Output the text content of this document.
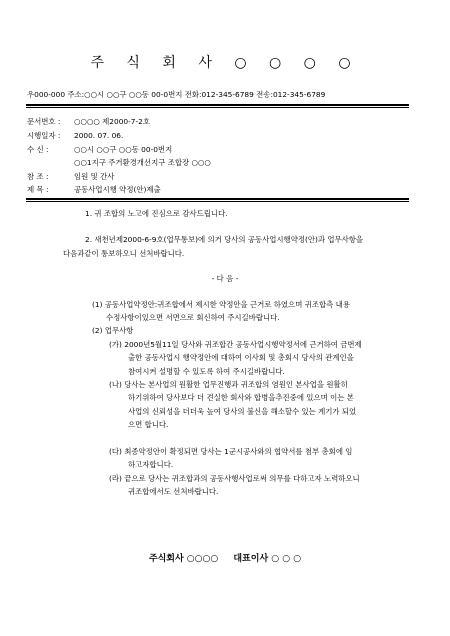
주 식 회 사 ○ ○ ○ ○
우000-000 주소:○○시 ○○구 ○○동 00-0번지 전화:012-345-6789 전송:012-345-6789
문서번호 : ○○○○ 제2000-7-2호
시행일자 : 2000. 07. 06.
수 신 :	○○시 ○○구 ○○동 00-0번지
○○1지구 주거환경개선지구 조합장 ○○○
참 조 :	임원 및 간사
제 목 :	공동사업시행 약정(안)제출
1. 귀 조합의 노고에 진심으로 감사드립니다.
2. 새천년제2000-6-9호(업무통보)에 의거 당사의 공동사업시행약정(안)과 업무사항을
다음과같이 통보하오니 선처바랍니다.
- 다 음 -
(1) 공동사업약정안:귀조합에서 제시한 약정안을 근거로 하였으며 귀조합측 내용
수정사항이있으면 서면으로 회신하여 주시길바랍니다.
(2) 업무사항
(가) 2000년5월11일 당사와 귀조합간 공동사업시행약정서에 근거하여 금번제
출한 공동사업시 행약정안에 대하여 이사회 및 총회시 당사의 관계인을
참여시켜 설명할 수 있도록 하여 주시길바랍니다.
(나) 당사는 본사업의 원활한 업무진행과 귀조합의 염원인 본사업을 원활히
하기위하여 당사보다 더 견실한 회사와 합병을추진중에 있으며 이는 본
사업의 신뢰성을 더더욱 높여 당사의 불신을 해소할수 있는 계기가 되었
으면 합니다.
(다) 최종약정안이 확정되면 당사는 1군시공사와의 협약서를 첨부 총회에 임
하고자합니다.
(라) 끝으로 당사는 귀조합과의 공동사행사업로써 의무를 다하고자 노력하오니
귀조합에서도 선처바랍니다.
주식회사 ○○○○ 대표이사 ○ ○ ○
